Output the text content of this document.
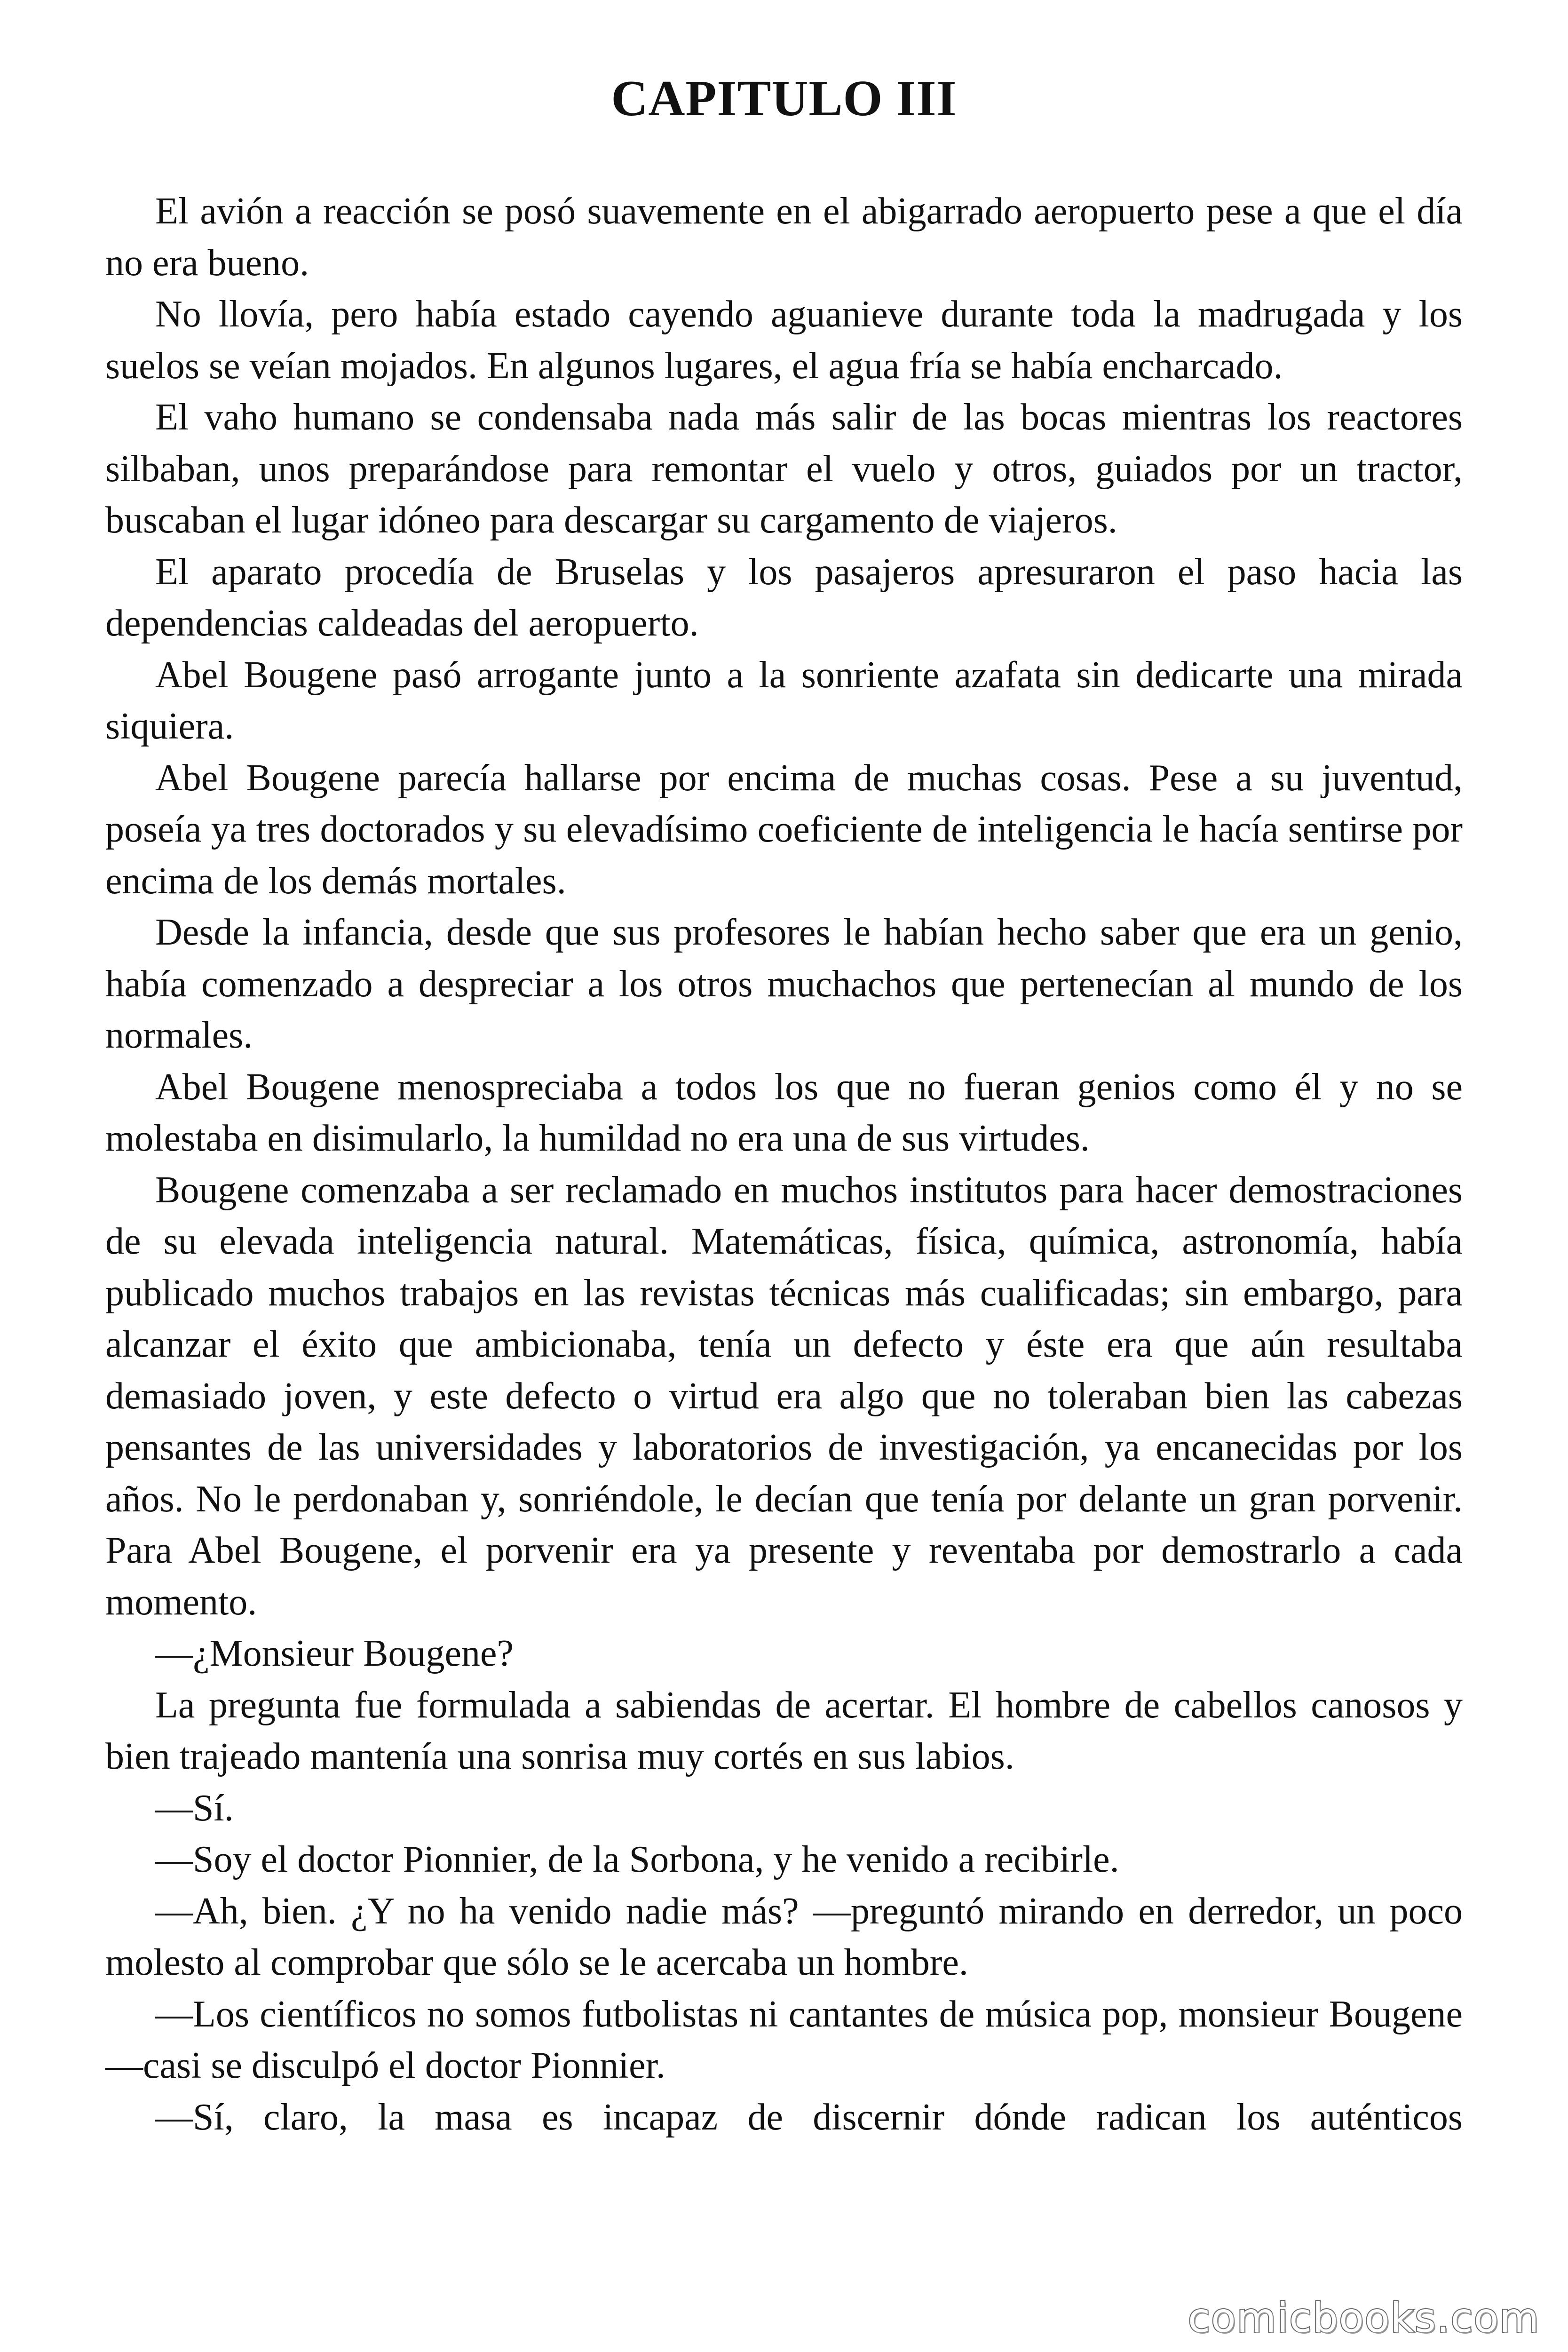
CAPITULO III

El avión a reacción se posó suavemente en el abigarrado aeropuerto pese a que el día no era bueno.

No llovía, pero había estado cayendo aguanieve durante toda la madrugada y los suelos se veían mojados. En algunos lugares, el agua fría se había encharcado.

El vaho humano se condensaba nada más salir de las bocas mientras los reactores silbaban, unos preparándose para remontar el vuelo y otros, guiados por un tractor, buscaban el lugar idóneo para descargar su cargamento de viajeros.

El aparato procedía de Bruselas y los pasajeros apresuraron el paso hacia las dependencias caldeadas del aeropuerto.

Abel Bougene pasó arrogante junto a la sonriente azafata sin dedicarte una mirada siquiera.

Abel Bougene parecía hallarse por encima de muchas cosas. Pese a su juventud, poseía ya tres doctorados y su elevadísimo coeficiente de inteligencia le hacía sentirse por encima de los demás mortales.

Desde la infancia, desde que sus profesores le habían hecho saber que era un genio, había comenzado a despreciar a los otros muchachos que pertenecían al mundo de los normales.

Abel Bougene menospreciaba a todos los que no fueran genios como él y no se molestaba en disimularlo, la humildad no era una de sus virtudes.

Bougene comenzaba a ser reclamado en muchos institutos para hacer demostraciones de su elevada inteligencia natural. Matemáticas, física, química, astronomía, había publicado muchos trabajos en las revistas técnicas más cualificadas; sin embargo, para alcanzar el éxito que ambicionaba, tenía un defecto y éste era que aún resultaba demasiado joven, y este defecto o virtud era algo que no toleraban bien las cabezas pensantes de las universidades y laboratorios de investigación, ya encanecidas por los años. No le perdonaban y, sonriéndole, le decían que tenía por delante un gran porvenir. Para Abel Bougene, el porvenir era ya presente y reventaba por demostrarlo a cada momento.

—¿Monsieur Bougene?

La pregunta fue formulada a sabiendas de acertar. El hombre de cabellos canosos y bien trajeado mantenía una sonrisa muy cortés en sus labios.

—Sí.

—Soy el doctor Pionnier, de la Sorbona, y he venido a recibirle.

—Ah, bien. ¿Y no ha venido nadie más? —preguntó mirando en derredor, un poco molesto al comprobar que sólo se le acercaba un hombre.

—Los científicos no somos futbolistas ni cantantes de música pop, monsieur Bougene —casi se disculpó el doctor Pionnier.

—Sí, claro, la masa es incapaz de discernir dónde radican los auténticos

comicbooks.com
